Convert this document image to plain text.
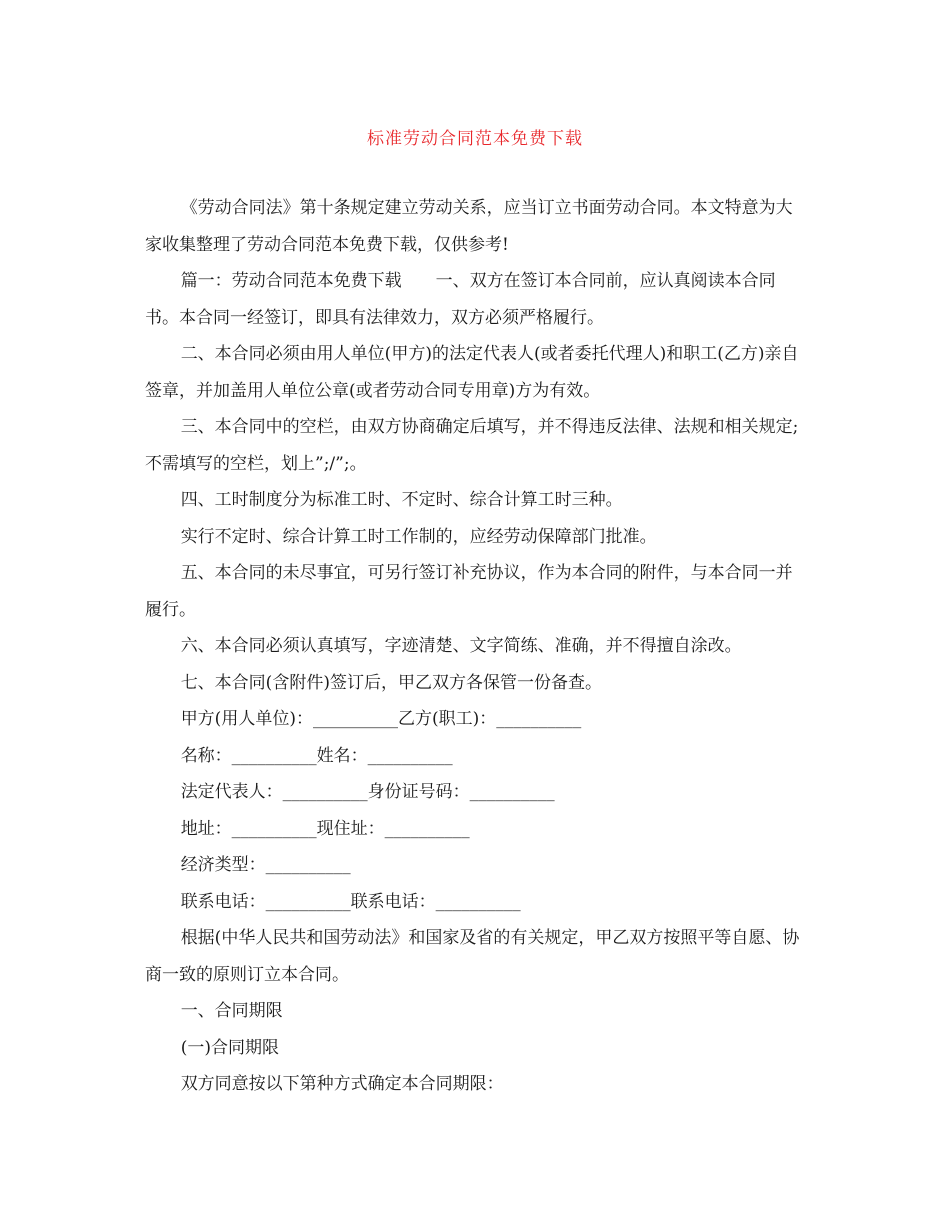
标准劳动合同范本免费下载

《劳动合同法》第十条规定建立劳动关系，应当订立书面劳动合同。本文特意为大家收集整理了劳动合同范本免费下载，仅供参考!

篇一：劳动合同范本免费下载　　一、双方在签订本合同前，应认真阅读本合同书。本合同一经签订，即具有法律效力，双方必须严格履行。

二、本合同必须由用人单位(甲方)的法定代表人(或者委托代理人)和职工(乙方)亲自签章，并加盖用人单位公章(或者劳动合同专用章)方为有效。

三、本合同中的空栏，由双方协商确定后填写，并不得违反法律、法规和相关规定;不需填写的空栏，划上”;/”;。

四、工时制度分为标准工时、不定时、综合计算工时三种。

实行不定时、综合计算工时工作制的，应经劳动保障部门批准。

五、本合同的未尽事宜，可另行签订补充协议，作为本合同的附件，与本合同一并履行。

六、本合同必须认真填写，字迹清楚、文字简练、准确，并不得擅自涂改。

七、本合同(含附件)签订后，甲乙双方各保管一份备查。

甲方(用人单位)：__________乙方(职工)：__________

名称：__________姓名：__________

法定代表人：__________身份证号码：__________

地址：__________现住址：__________

经济类型：__________

联系电话：__________联系电话：__________

根据(中华人民共和国劳动法》和国家及省的有关规定，甲乙双方按照平等自愿、协商一致的原则订立本合同。

一、合同期限

(一)合同期限

双方同意按以下第种方式确定本合同期限：
